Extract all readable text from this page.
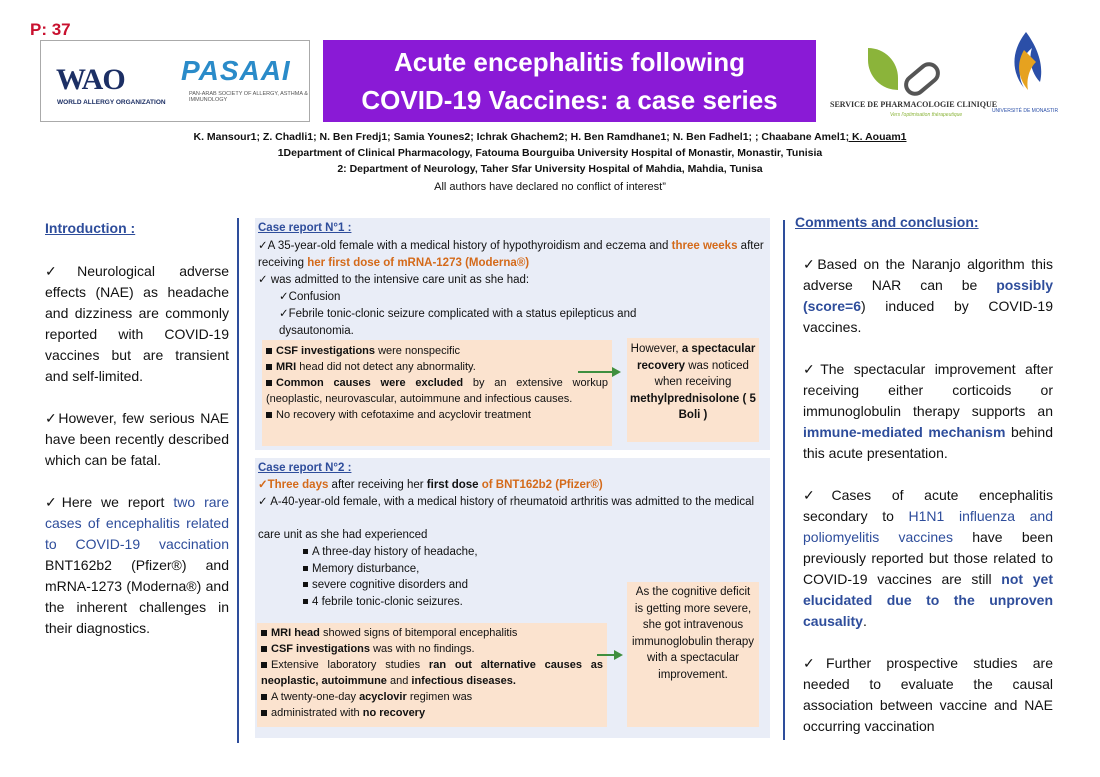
P: 37
WAO
WORLD ALLERGY ORGANIZATION
PASAAI
PAN-ARAB SOCIETY OF ALLERGY, ASTHMA & IMMUNOLOGY
Acute encephalitis following
COVID-19 Vaccines: a case series	SERVICE DE PHARMACOLOGIE CLINIQUE
Vers l'optimisation thérapeutique
UNIVERSITÉ DE MONASTIR
K. Mansour1; Z. Chadli1; N. Ben Fredj1; Samia Younes2; Ichrak Ghachem2; H. Ben Ramdhane1; N. Ben Fadhel1; ; Chaabane Amel1; K. Aouam1
1Department of Clinical Pharmacology, Fatouma Bourguiba University Hospital of Monastir, Monastir, Tunisia
2: Department of Neurology, Taher Sfar University Hospital of Mahdia, Mahdia, Tunisa
All authors have declared no conflict of interest”
Introduction :

✓Neurological adverse effects (NAE) as headache and dizziness are commonly reported with COVID-19 vaccines but are transient and self-limited.

✓However, few serious NAE have been recently described which can be fatal.

✓Here we report two rare cases of encephalitis related to COVID-19 vaccination BNT162b2 (Pfizer®) and mRNA-1273 (Moderna®) and the inherent challenges in their diagnostics.

Case report N°1 :
✓A 35-year-old female with a medical history of hypothyroidism and eczema and three weeks after receiving her first dose of mRNA-1273 (Moderna®)
✓ was admitted to the intensive care unit as she had:
✓Confusion
✓Febrile tonic-clonic seizure complicated with a status epilepticus and dysautonomia.
CSF investigations were nonspecific
MRI head did not detect any abnormality.
Common causes were excluded by an extensive workup (neoplastic, neurovascular, autoimmune and infectious causes.
No recovery with cefotaxime and acyclovir treatment
However, a spectacular recovery was noticed when receiving methylprednisolone ( 5 Boli )
Case report N°2 :
✓Three days after receiving her first dose of BNT162b2 (Pfizer®)
✓ A-40-year-old female, with a medical history of rheumatoid arthritis was admitted to the medical
care unit as she had experienced
A three-day history of headache,
Memory disturbance,
severe cognitive disorders and
4 febrile tonic-clonic seizures.
MRI head showed signs of bitemporal encephalitis
CSF investigations was with no findings.
Extensive laboratory studies ran out alternative causes as neoplastic, autoimmune and infectious diseases.
A twenty-one-day acyclovir regimen was
administrated with no recovery
As the cognitive deficit is getting more severe, she got intravenous immunoglobulin therapy with a spectacular improvement.
Comments and conclusion:

✓Based on the Naranjo algorithm this adverse NAR can be possibly (score=6) induced by COVID-19 vaccines.

✓The spectacular improvement after receiving either corticoids or immunoglobulin therapy supports an immune-mediated mechanism behind this acute presentation.

✓Cases of acute encephalitis secondary to H1N1 influenza and poliomyelitis vaccines have been previously reported but those related to COVID-19 vaccines are still not yet elucidated due to the unproven causality.

✓Further prospective studies are needed to evaluate the causal association between vaccine and NAE occurring vaccination
